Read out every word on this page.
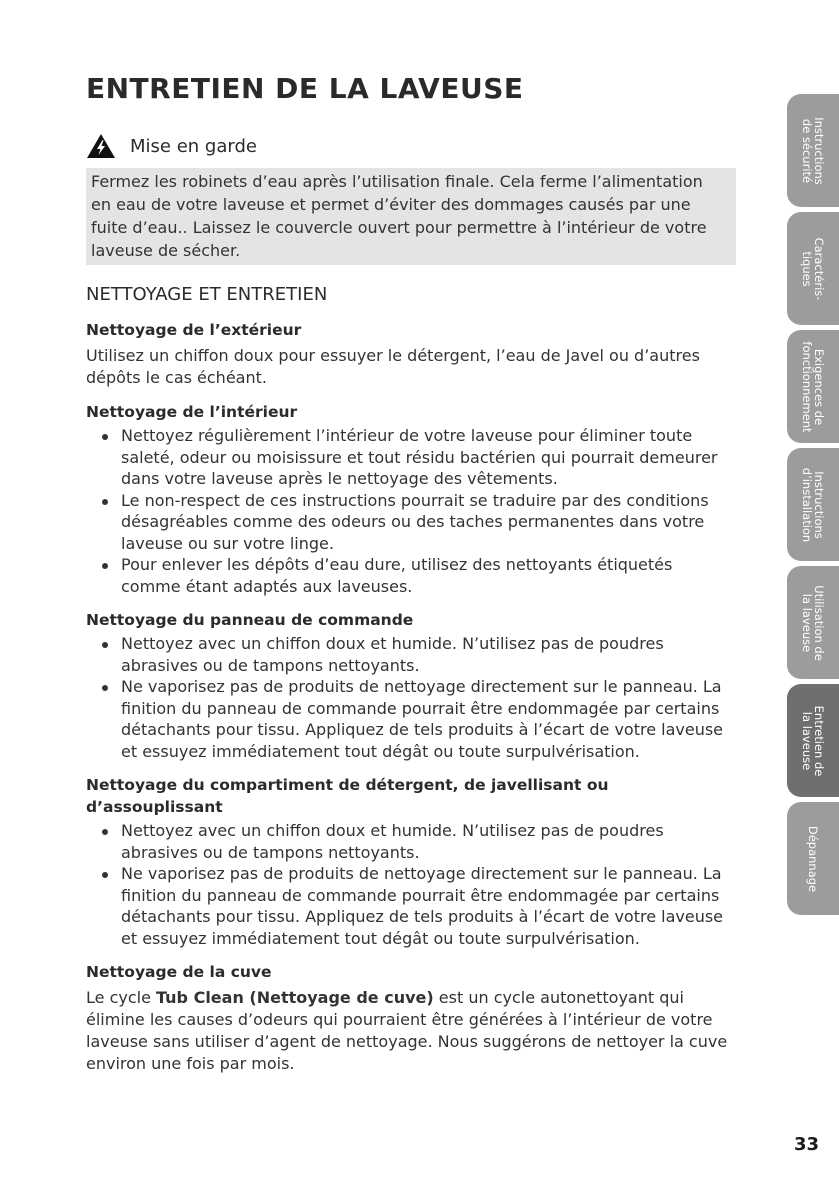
ENTRETIEN DE LA LAVEUSE
Mise en garde
Fermez les robinets d’eau après l’utilisation finale. Cela ferme l’alimentation en eau de votre laveuse et permet d’éviter des dommages causés par une fuite d’eau.. Laissez le couvercle ouvert pour permettre à l’intérieur de votre laveuse de sécher.
NETTOYAGE ET ENTRETIEN
Nettoyage de l’extérieur
Utilisez un chiffon doux pour essuyer le détergent, l’eau de Javel ou d’autres dépôts le cas échéant.
Nettoyage de l’intérieur
Nettoyez régulièrement l’intérieur de votre laveuse pour éliminer toute saleté, odeur ou moisissure et tout résidu bactérien qui pourrait demeurer dans votre laveuse après le nettoyage des vêtements.
Le non-respect de ces instructions pourrait se traduire par des conditions désagréables comme des odeurs ou des taches permanentes dans votre laveuse ou sur votre linge.
Pour enlever les dépôts d’eau dure, utilisez des nettoyants étiquetés comme étant adaptés aux laveuses.
Nettoyage du panneau de commande
Nettoyez avec un chiffon doux et humide. N’utilisez pas de poudres abrasives ou de tampons nettoyants.
Ne vaporisez pas de produits de nettoyage directement sur le panneau. La finition du panneau de commande pourrait être endommagée par certains détachants pour tissu. Appliquez de tels produits à l’écart de votre laveuse et essuyez immédiatement tout dégât ou toute surpulvérisation.
Nettoyage du compartiment de détergent, de javellisant ou d’assouplissant
Nettoyez avec un chiffon doux et humide. N’utilisez pas de poudres abrasives ou de tampons nettoyants.
Ne vaporisez pas de produits de nettoyage directement sur le panneau. La finition du panneau de commande pourrait être endommagée par certains détachants pour tissu. Appliquez de tels produits à l’écart de votre laveuse et essuyez immédiatement tout dégât ou toute surpulvérisation.
Nettoyage de la cuve
Le cycle Tub Clean (Nettoyage de cuve) est un cycle autonettoyant qui élimine les causes d’odeurs qui pourraient être générées à l’intérieur de votre laveuse sans utiliser d’agent de nettoyage. Nous suggérons de nettoyer la cuve environ une fois par mois.
Instructions
de sécurité
Caractéris-
tiques
Exigences de
fonctionnement
Instructions
d’installation
Utilisation de
la laveuse
Entretien de
la laveuse
Dépannage
33
